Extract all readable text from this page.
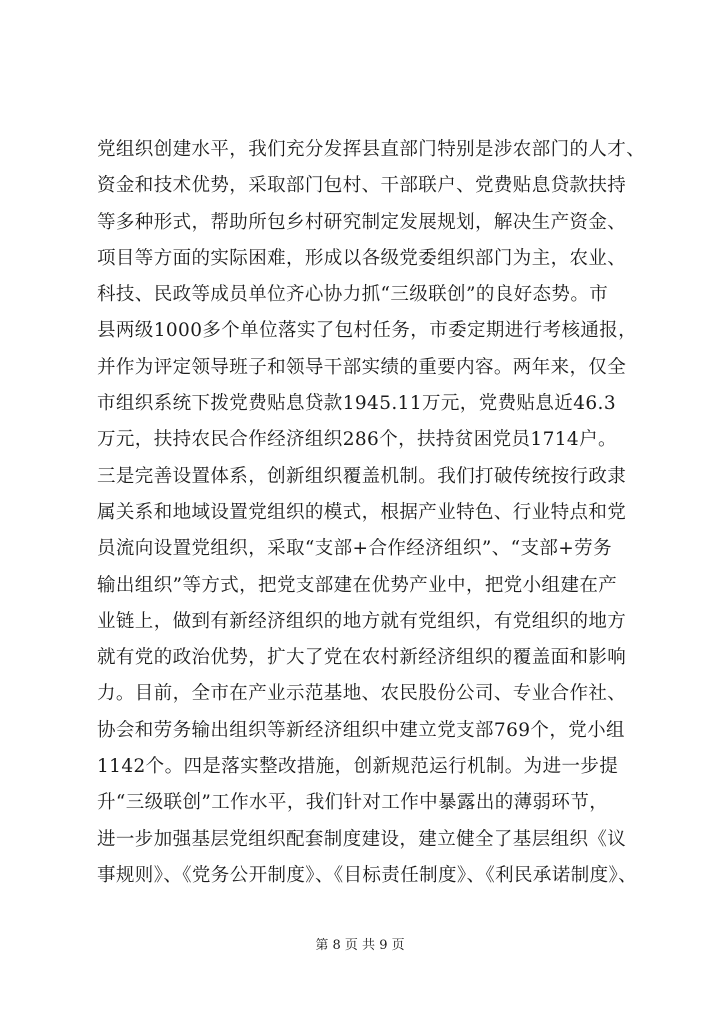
党组织创建水平，我们充分发挥县直部门特别是涉农部门的人才、
资金和技术优势，采取部门包村、干部联户、党费贴息贷款扶持
等多种形式，帮助所包乡村研究制定发展规划，解决生产资金、
项目等方面的实际困难，形成以各级党委组织部门为主，农业、
科技、民政等成员单位齐心协力抓“三级联创”的良好态势。市
县两级1000多个单位落实了包村任务，市委定期进行考核通报，
并作为评定领导班子和领导干部实绩的重要内容。两年来，仅全
市组织系统下拨党费贴息贷款1945.11万元，党费贴息近46.3
万元，扶持农民合作经济组织286个，扶持贫困党员1714户。
三是完善设置体系，创新组织覆盖机制。我们打破传统按行政隶
属关系和地域设置党组织的模式，根据产业特色、行业特点和党
员流向设置党组织，采取“支部+合作经济组织”、“支部+劳务
输出组织”等方式，把党支部建在优势产业中，把党小组建在产
业链上，做到有新经济组织的地方就有党组织，有党组织的地方
就有党的政治优势，扩大了党在农村新经济组织的覆盖面和影响
力。目前，全市在产业示范基地、农民股份公司、专业合作社、
协会和劳务输出组织等新经济组织中建立党支部769个，党小组
1142个。四是落实整改措施，创新规范运行机制。为进一步提
升“三级联创”工作水平，我们针对工作中暴露出的薄弱环节，
进一步加强基层党组织配套制度建设，建立健全了基层组织《议
事规则》、《党务公开制度》、《目标责任制度》、《利民承诺制度》、
第 8 页 共 9 页
